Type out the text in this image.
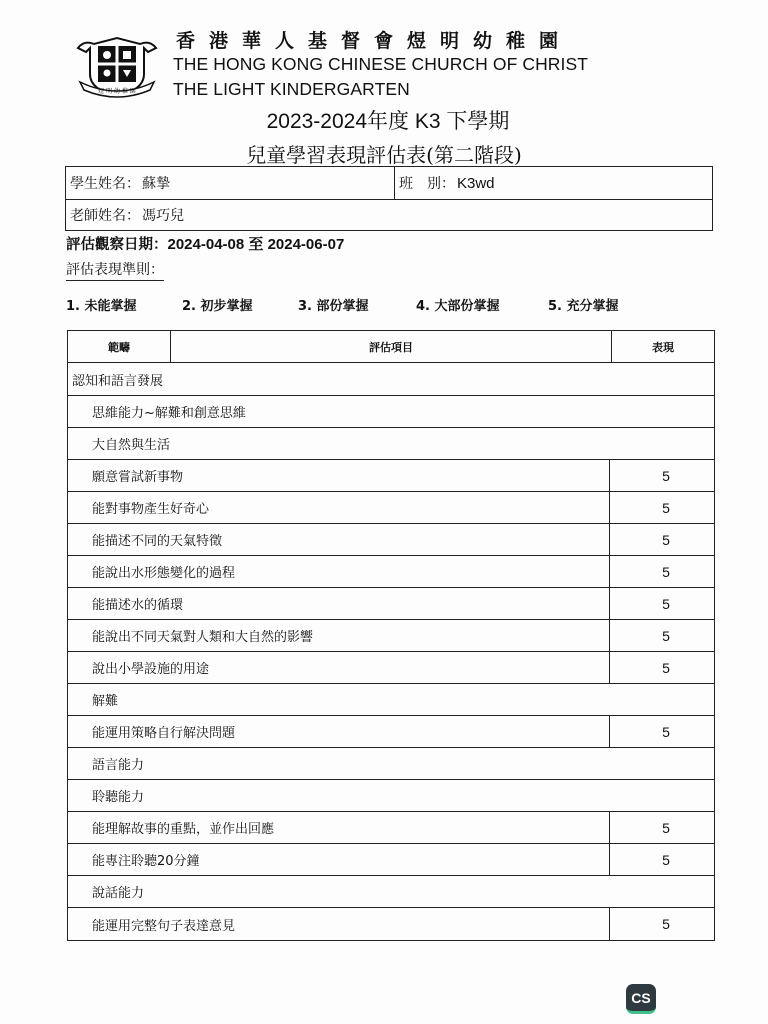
煜 明 幼 稚 園
香港華人基督會煜明幼稚園
THE HONG KONG CHINESE CHURCH OF CHRIST
THE LIGHT KINDERGARTEN
2023-2024年度 K3 下學期
兒童學習表現評估表(第二階段)
學生姓名： 蘇摯	班　別： K3wd
老師姓名： 馮巧兒
評估觀察日期：2024-04-08 至 2024-06-07
評估表現準則：
1. 未能掌握	2. 初步掌握	3. 部份掌握	4. 大部份掌握	5. 充分掌握
範疇	評估項目	表現
認知和語言發展
思維能力~解難和創意思維
大自然與生活
願意嘗試新事物	5
能對事物產生好奇心	5
能描述不同的天氣特徵	5
能說出水形態變化的過程	5
能描述水的循環	5
能說出不同天氣對人類和大自然的影響	5
說出小學設施的用途	5
解難
能運用策略自行解決問題	5
語言能力
聆聽能力
能理解故事的重點，並作出回應	5
能專注聆聽20分鐘	5
說話能力
能運用完整句子表達意見	5
CS
